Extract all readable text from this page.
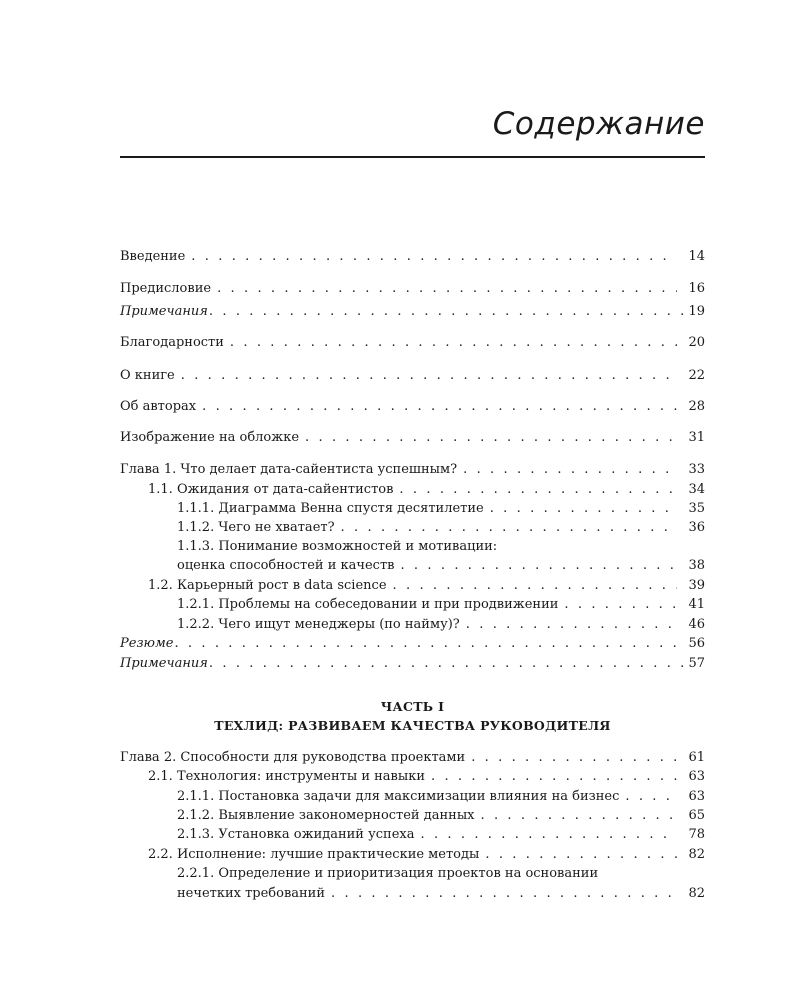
Содержание
Введение . . .	14
Предисловие . . .	16
Примечания . . .	19
Благодарности . . .	20
О книге . . .	22
Об авторах . . .	28
Изображение на обложке . . .	31
Глава 1. Что делает дата-сайентиста успешным? . . .	33
1.1. Ожидания от дата-сайентистов . . .	34
1.1.1. Диаграмма Венна спустя десятилетие . . .	35
1.1.2. Чего не хватает? . . .	36
1.1.3. Понимание возможностей и мотивации:
оценка способностей и качеств . . .	38
1.2. Карьерный рост в data science . . .	39
1.2.1. Проблемы на собеседовании и при продвижении . . .	41
1.2.2. Чего ищут менеджеры (по найму)? . . .	46
Резюме . . .	56
Примечания . . .	57
ЧАСТЬ I
ТЕХЛИД: РАЗВИВАЕМ КАЧЕСТВА РУКОВОДИТЕЛЯ
Глава 2. Способности для руководства проектами . . .	61
2.1. Технология: инструменты и навыки . . .	63
2.1.1. Постановка задачи для максимизации влияния на бизнес . . .	63
2.1.2. Выявление закономерностей данных . . .	65
2.1.3. Установка ожиданий успеха . . .	78
2.2. Исполнение: лучшие практические методы . . .	82
2.2.1. Определение и приоритизация проектов на основании
нечетких требований . . .	82
